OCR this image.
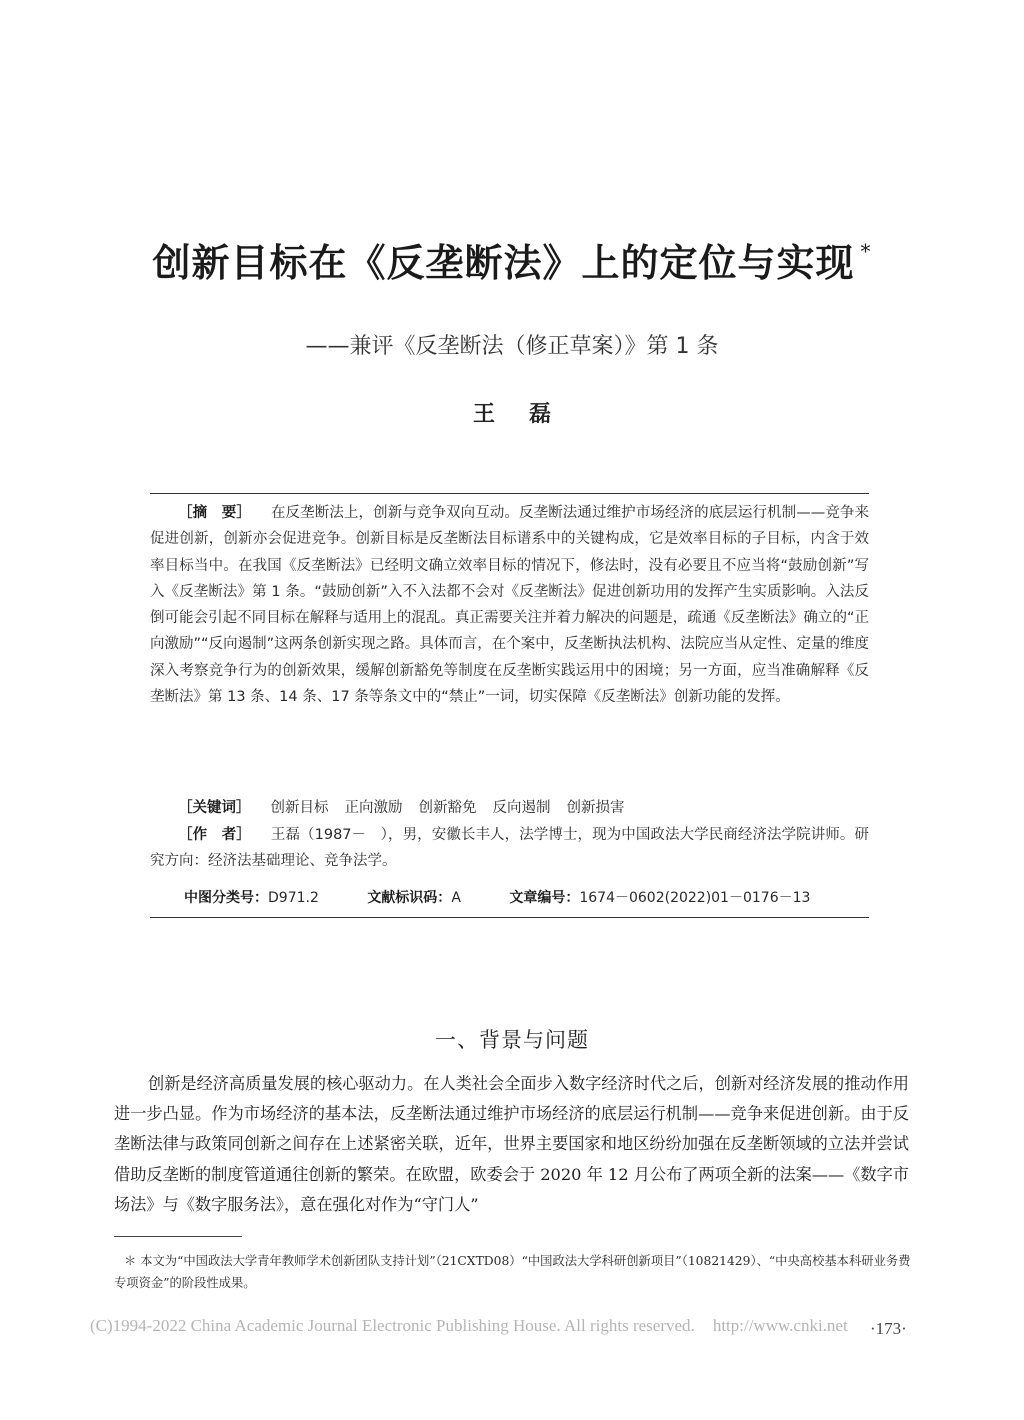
创新目标在《反垄断法》上的定位与实现 *
——兼评《反垄断法（修正草案）》第 1 条
王磊
［摘　要］ 在反垄断法上，创新与竞争双向互动。反垄断法通过维护市场经济的底层运行机制——竞争来促进创新，创新亦会促进竞争。创新目标是反垄断法目标谱系中的关键构成，它是效率目标的子目标，内含于效率目标当中。在我国《反垄断法》已经明文确立效率目标的情况下，修法时，没有必要且不应当将“鼓励创新”写入《反垄断法》第 1 条。“鼓励创新”入不入法都不会对《反垄断法》促进创新功用的发挥产生实质影响。入法反倒可能会引起不同目标在解释与适用上的混乱。真正需要关注并着力解决的问题是，疏通《反垄断法》确立的“正向激励”“反向遏制”这两条创新实现之路。具体而言，在个案中，反垄断执法机构、法院应当从定性、定量的维度深入考察竞争行为的创新效果，缓解创新豁免等制度在反垄断实践运用中的困境；另一方面，应当准确解释《反垄断法》第 13 条、14 条、17 条等条文中的“禁止”一词，切实保障《反垄断法》创新功能的发挥。
［关键词］ 创新目标 正向激励 创新豁免 反向遏制 创新损害
［作　者］ 王磊（1987－　），男，安徽长丰人，法学博士，现为中国政法大学民商经济法学院讲师。研究方向：经济法基础理论、竞争法学。
中图分类号：D971.2	文献标识码：A	文章编号：1674－0602(2022)01－0176－13
一、背景与问题
创新是经济高质量发展的核心驱动力。在人类社会全面步入数字经济时代之后，创新对经济发展的推动作用进一步凸显。作为市场经济的基本法，反垄断法通过维护市场经济的底层运行机制——竞争来促进创新。由于反垄断法律与政策同创新之间存在上述紧密关联，近年，世界主要国家和地区纷纷加强在反垄断领域的立法并尝试借助反垄断的制度管道通往创新的繁荣。在欧盟，欧委会于 2020 年 12 月公布了两项全新的法案——《数字市场法》与《数字服务法》，意在强化对作为“守门人”
＊ 本文为“中国政法大学青年教师学术创新团队支持计划”（21CXTD08）“中国政法大学科研创新项目”（10821429）、“中央高校基本科研业务费专项资金”的阶段性成果。
(C)1994-2022 China Academic Journal Electronic Publishing House. All rights reserved. http://www.cnki.net ·173·
